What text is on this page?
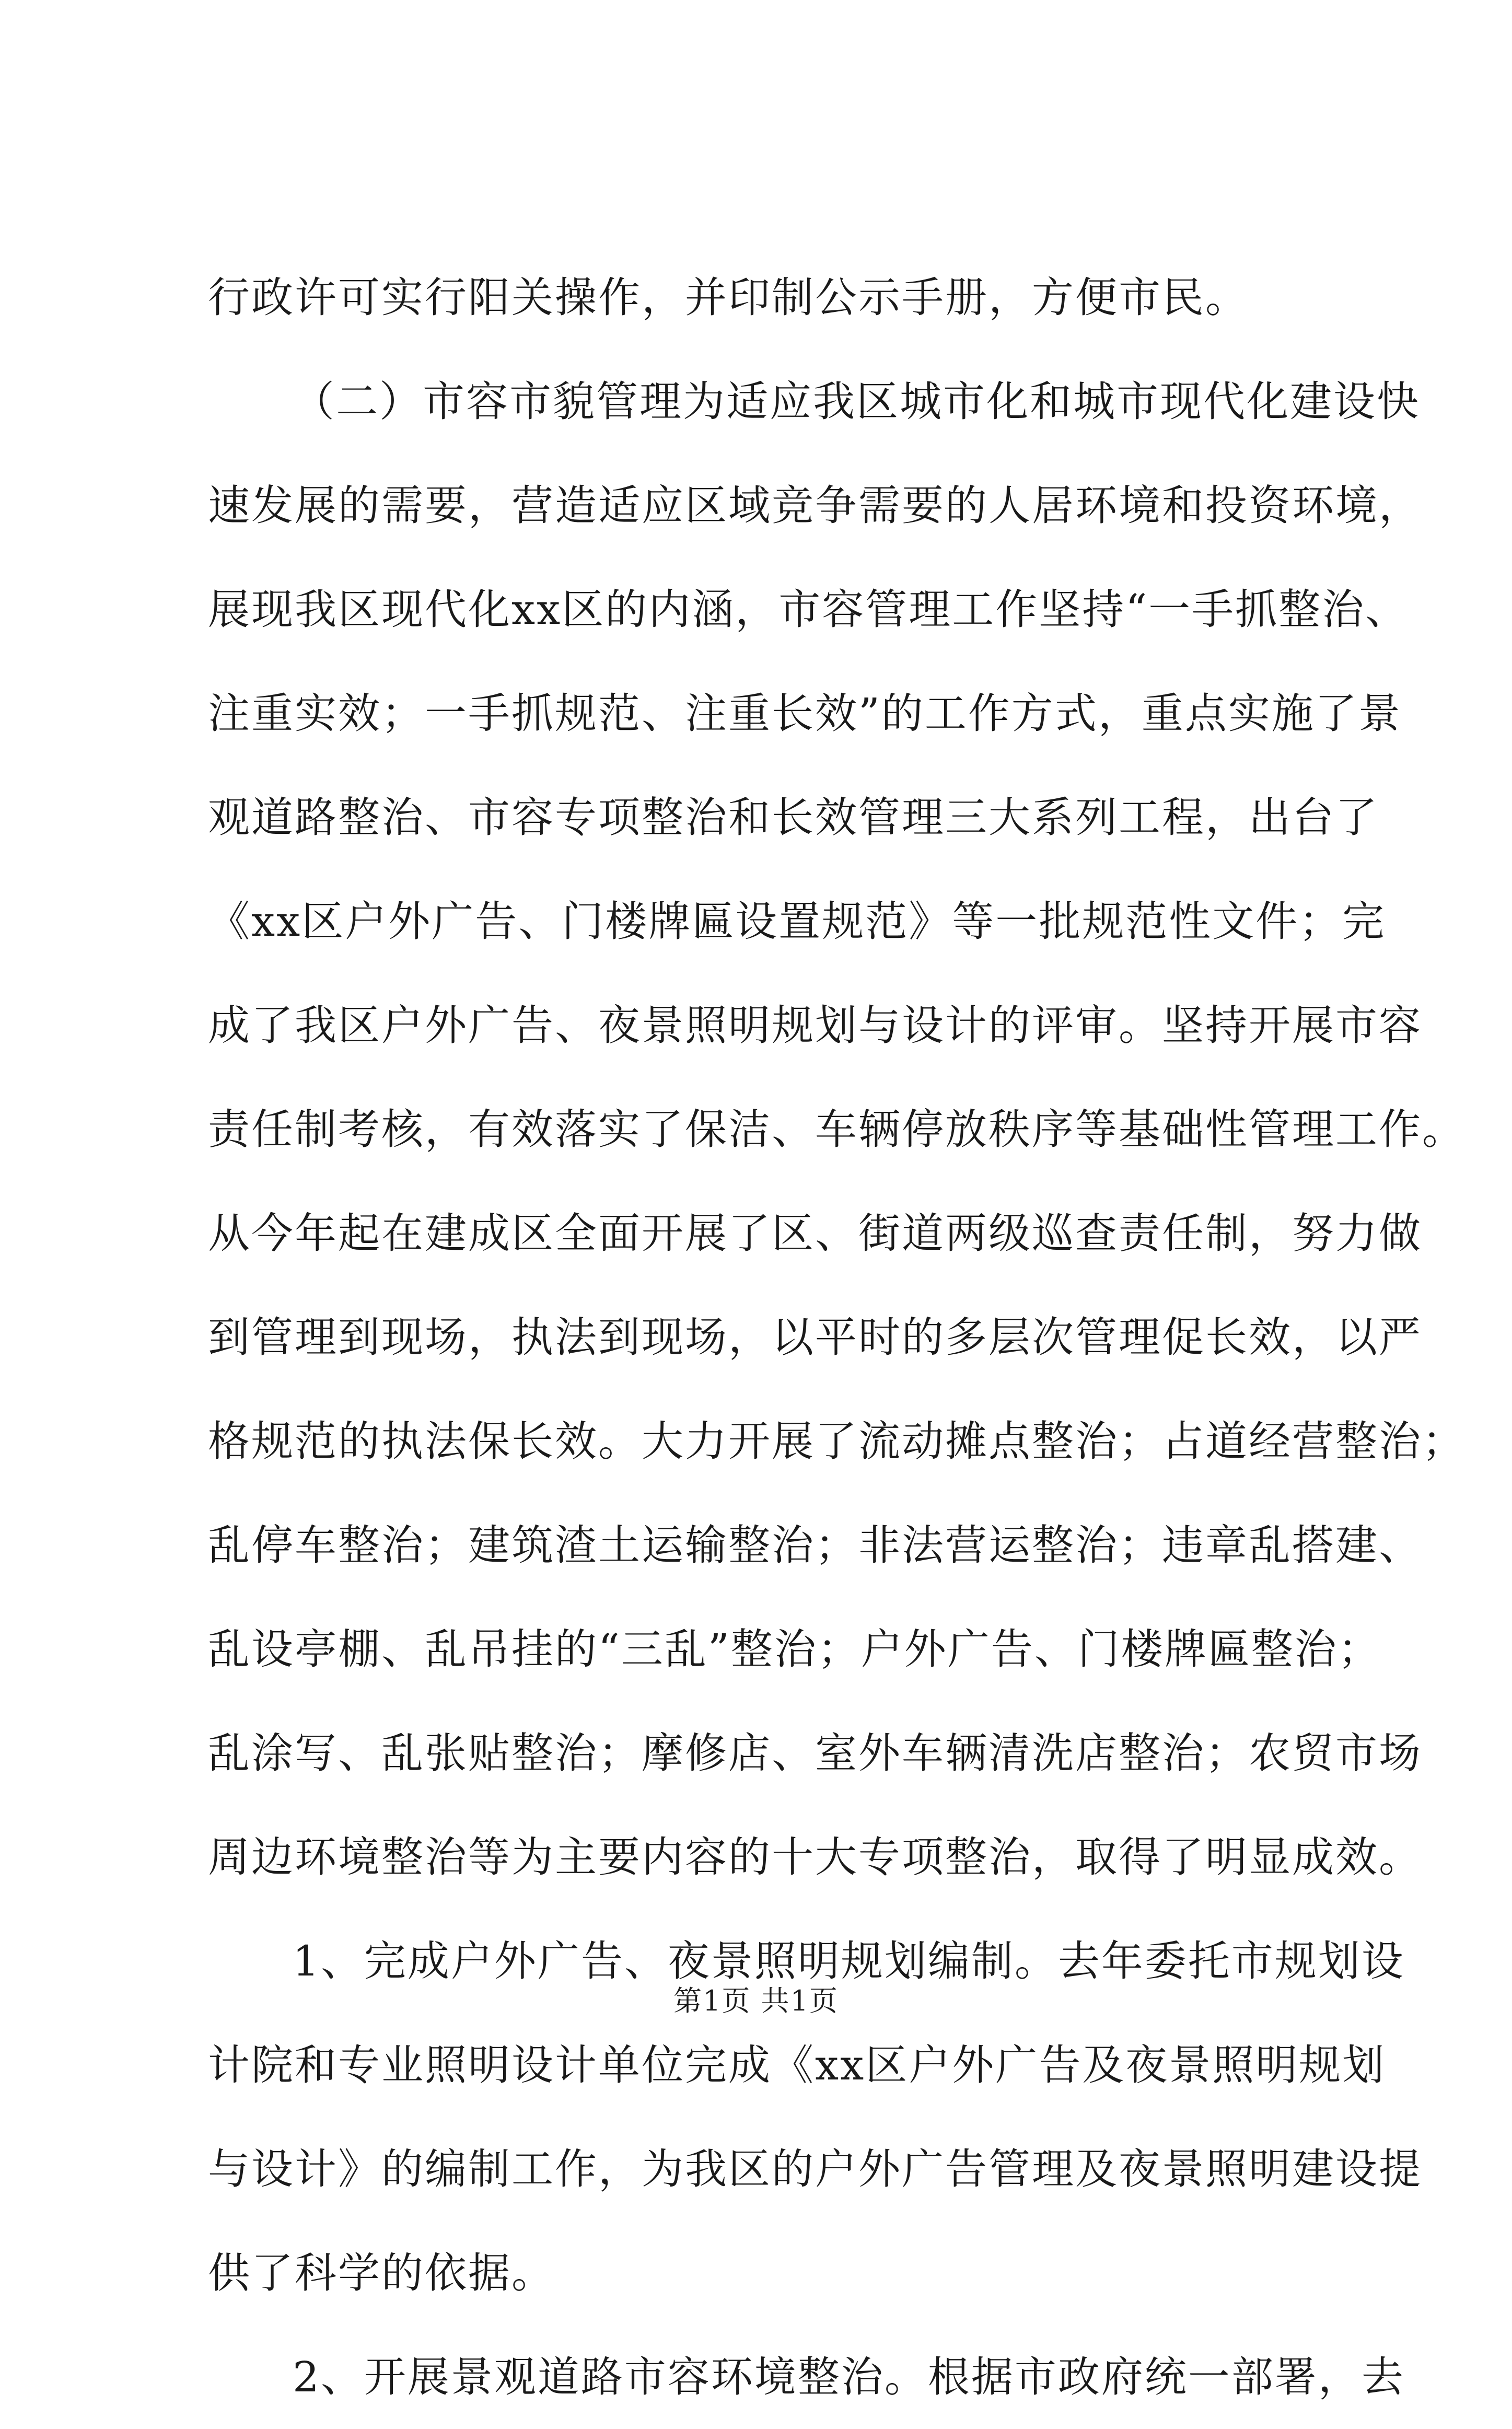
行政许可实行阳关操作，并印制公示手册，方便市民。
（二）市容市貌管理为适应我区城市化和城市现代化建设快
速发展的需要，营造适应区域竞争需要的人居环境和投资环境，
展现我区现代化xx区的内涵，市容管理工作坚持“一手抓整治、
注重实效；一手抓规范、注重长效”的工作方式，重点实施了景
观道路整治、市容专项整治和长效管理三大系列工程，出台了
《xx区户外广告、门楼牌匾设置规范》等一批规范性文件；完
成了我区户外广告、夜景照明规划与设计的评审。坚持开展市容
责任制考核，有效落实了保洁、车辆停放秩序等基础性管理工作。
从今年起在建成区全面开展了区、街道两级巡查责任制，努力做
到管理到现场，执法到现场，以平时的多层次管理促长效，以严
格规范的执法保长效。大力开展了流动摊点整治；占道经营整治；
乱停车整治；建筑渣土运输整治；非法营运整治；违章乱搭建、
乱设亭棚、乱吊挂的“三乱”整治；户外广告、门楼牌匾整治；
乱涂写、乱张贴整治；摩修店、室外车辆清洗店整治；农贸市场
周边环境整治等为主要内容的十大专项整治，取得了明显成效。
1、完成户外广告、夜景照明规划编制。去年委托市规划设
计院和专业照明设计单位完成《xx区户外广告及夜景照明规划
与设计》的编制工作，为我区的户外广告管理及夜景照明建设提
供了科学的依据。
2、开展景观道路市容环境整治。根据市政府统一部署，去
第1页 共1页
